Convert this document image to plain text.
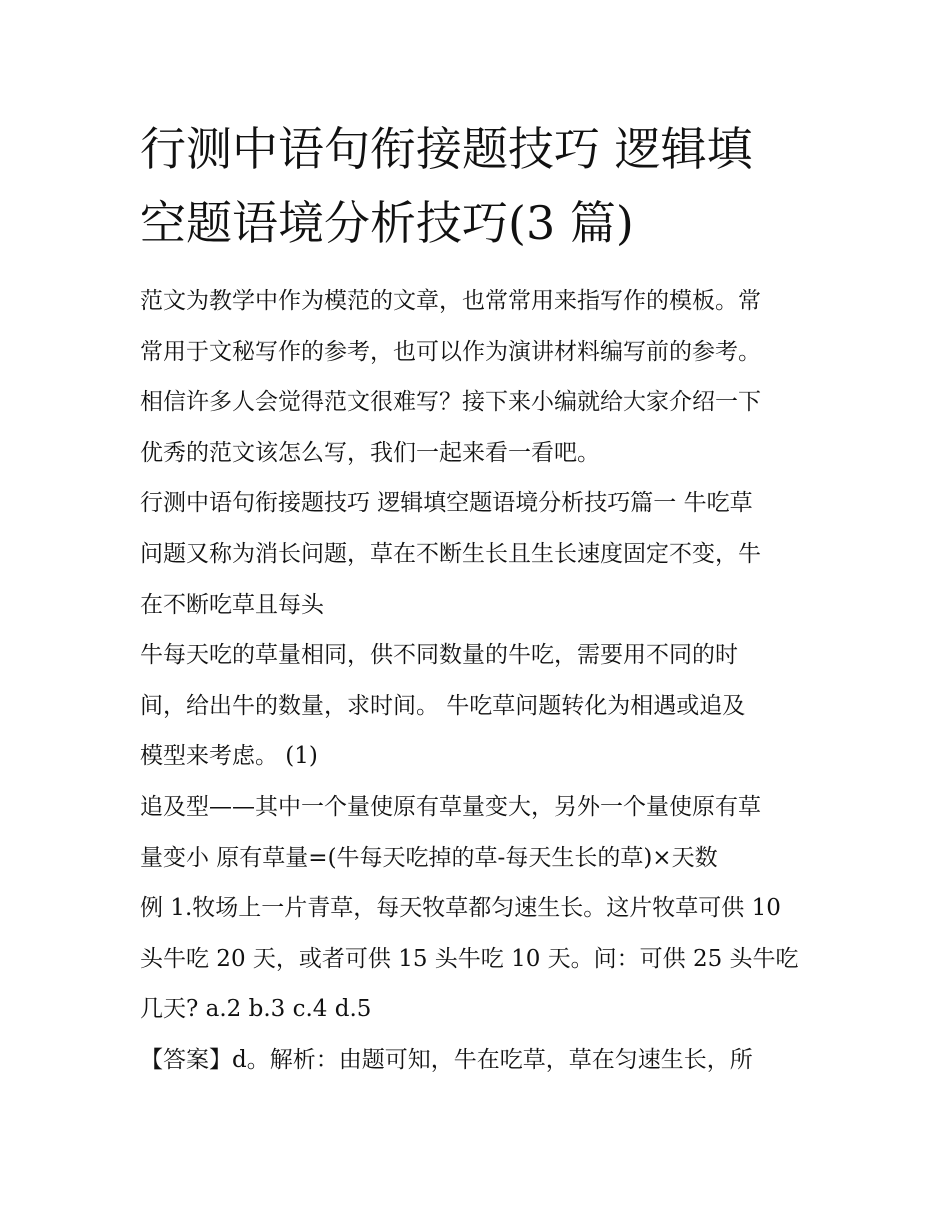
行测中语句衔接题技巧 逻辑填
空题语境分析技巧(3 篇)
范文为教学中作为模范的文章，也常常用来指写作的模板。常
常用于文秘写作的参考，也可以作为演讲材料编写前的参考。
相信许多人会觉得范文很难写？接下来小编就给大家介绍一下
优秀的范文该怎么写，我们一起来看一看吧。
行测中语句衔接题技巧 逻辑填空题语境分析技巧篇一 牛吃草
问题又称为消长问题，草在不断生长且生长速度固定不变，牛
在不断吃草且每头
牛每天吃的草量相同，供不同数量的牛吃，需要用不同的时
间，给出牛的数量，求时间。 牛吃草问题转化为相遇或追及
模型来考虑。 (1)
追及型——其中一个量使原有草量变大，另外一个量使原有草
量变小 原有草量=(牛每天吃掉的草-每天生长的草)×天数
例 1.牧场上一片青草，每天牧草都匀速生长。这片牧草可供 10
头牛吃 20 天，或者可供 15 头牛吃 10 天。问：可供 25 头牛吃
几天? a.2 b.3 c.4 d.5
【答案】d。解析：由题可知，牛在吃草，草在匀速生长，所
